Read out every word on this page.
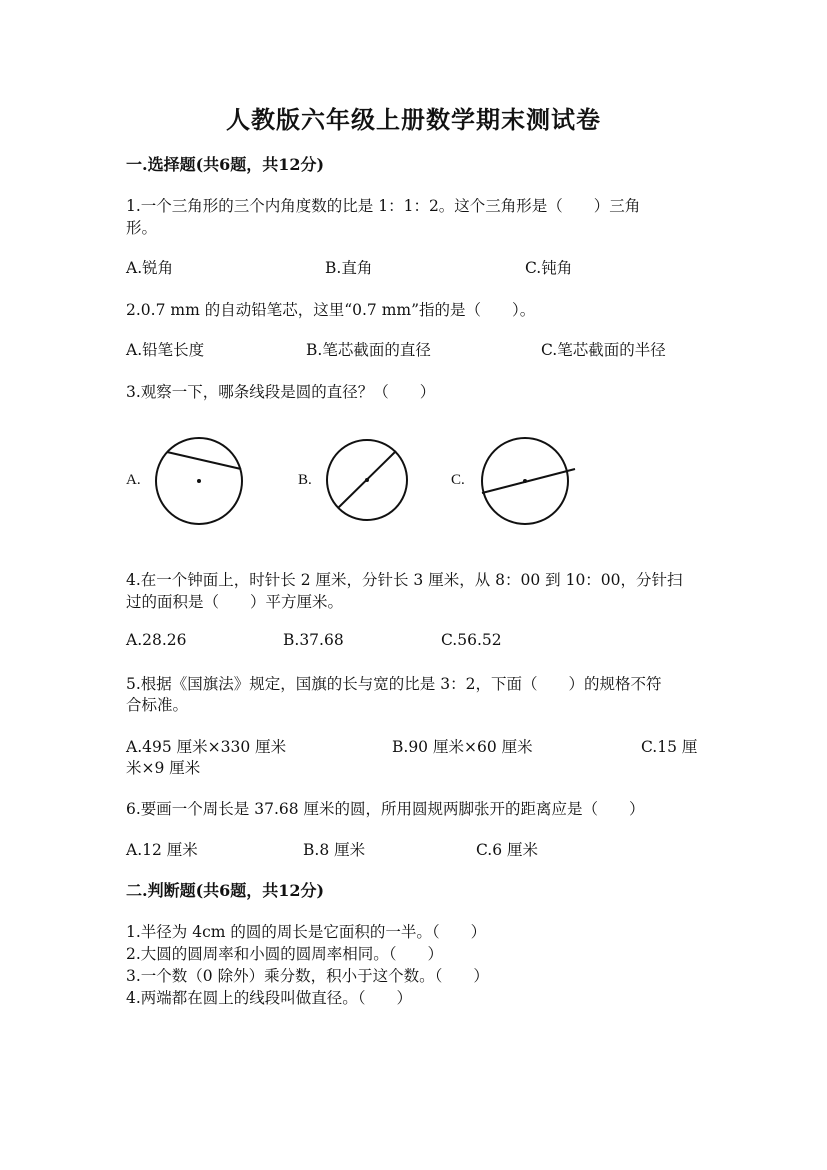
人教版六年级上册数学期末测试卷
一.选择题(共6题，共12分)
1.一个三角形的三个内角度数的比是 1：1：2。这个三角形是（　　）三角
形。
A.锐角	B.直角	C.钝角
2.0.7 mm 的自动铅笔芯，这里“0.7 mm”指的是（　　）。
A.铅笔长度	B.笔芯截面的直径	C.笔芯截面的半径
3.观察一下，哪条线段是圆的直径？（　　）
A.	B.	C.
4.在一个钟面上，时针长 2 厘米，分针长 3 厘米，从 8：00 到 10：00，分针扫
过的面积是（　　）平方厘米。
A.28.26	B.37.68	C.56.52
5.根据《国旗法》规定，国旗的长与宽的比是 3：2，下面（　　）的规格不符
合标准。
A.495 厘米×330 厘米	B.90 厘米×60 厘米	C.15 厘
米×9 厘米
6.要画一个周长是 37.68 厘米的圆，所用圆规两脚张开的距离应是（　　）
A.12 厘米	B.8 厘米	C.6 厘米
二.判断题(共6题，共12分)
1.半径为 4cm 的圆的周长是它面积的一半。（　　）
2.大圆的圆周率和小圆的圆周率相同。（　　）
3.一个数（0 除外）乘分数，积小于这个数。（　　）
4.两端都在圆上的线段叫做直径。（　　）
